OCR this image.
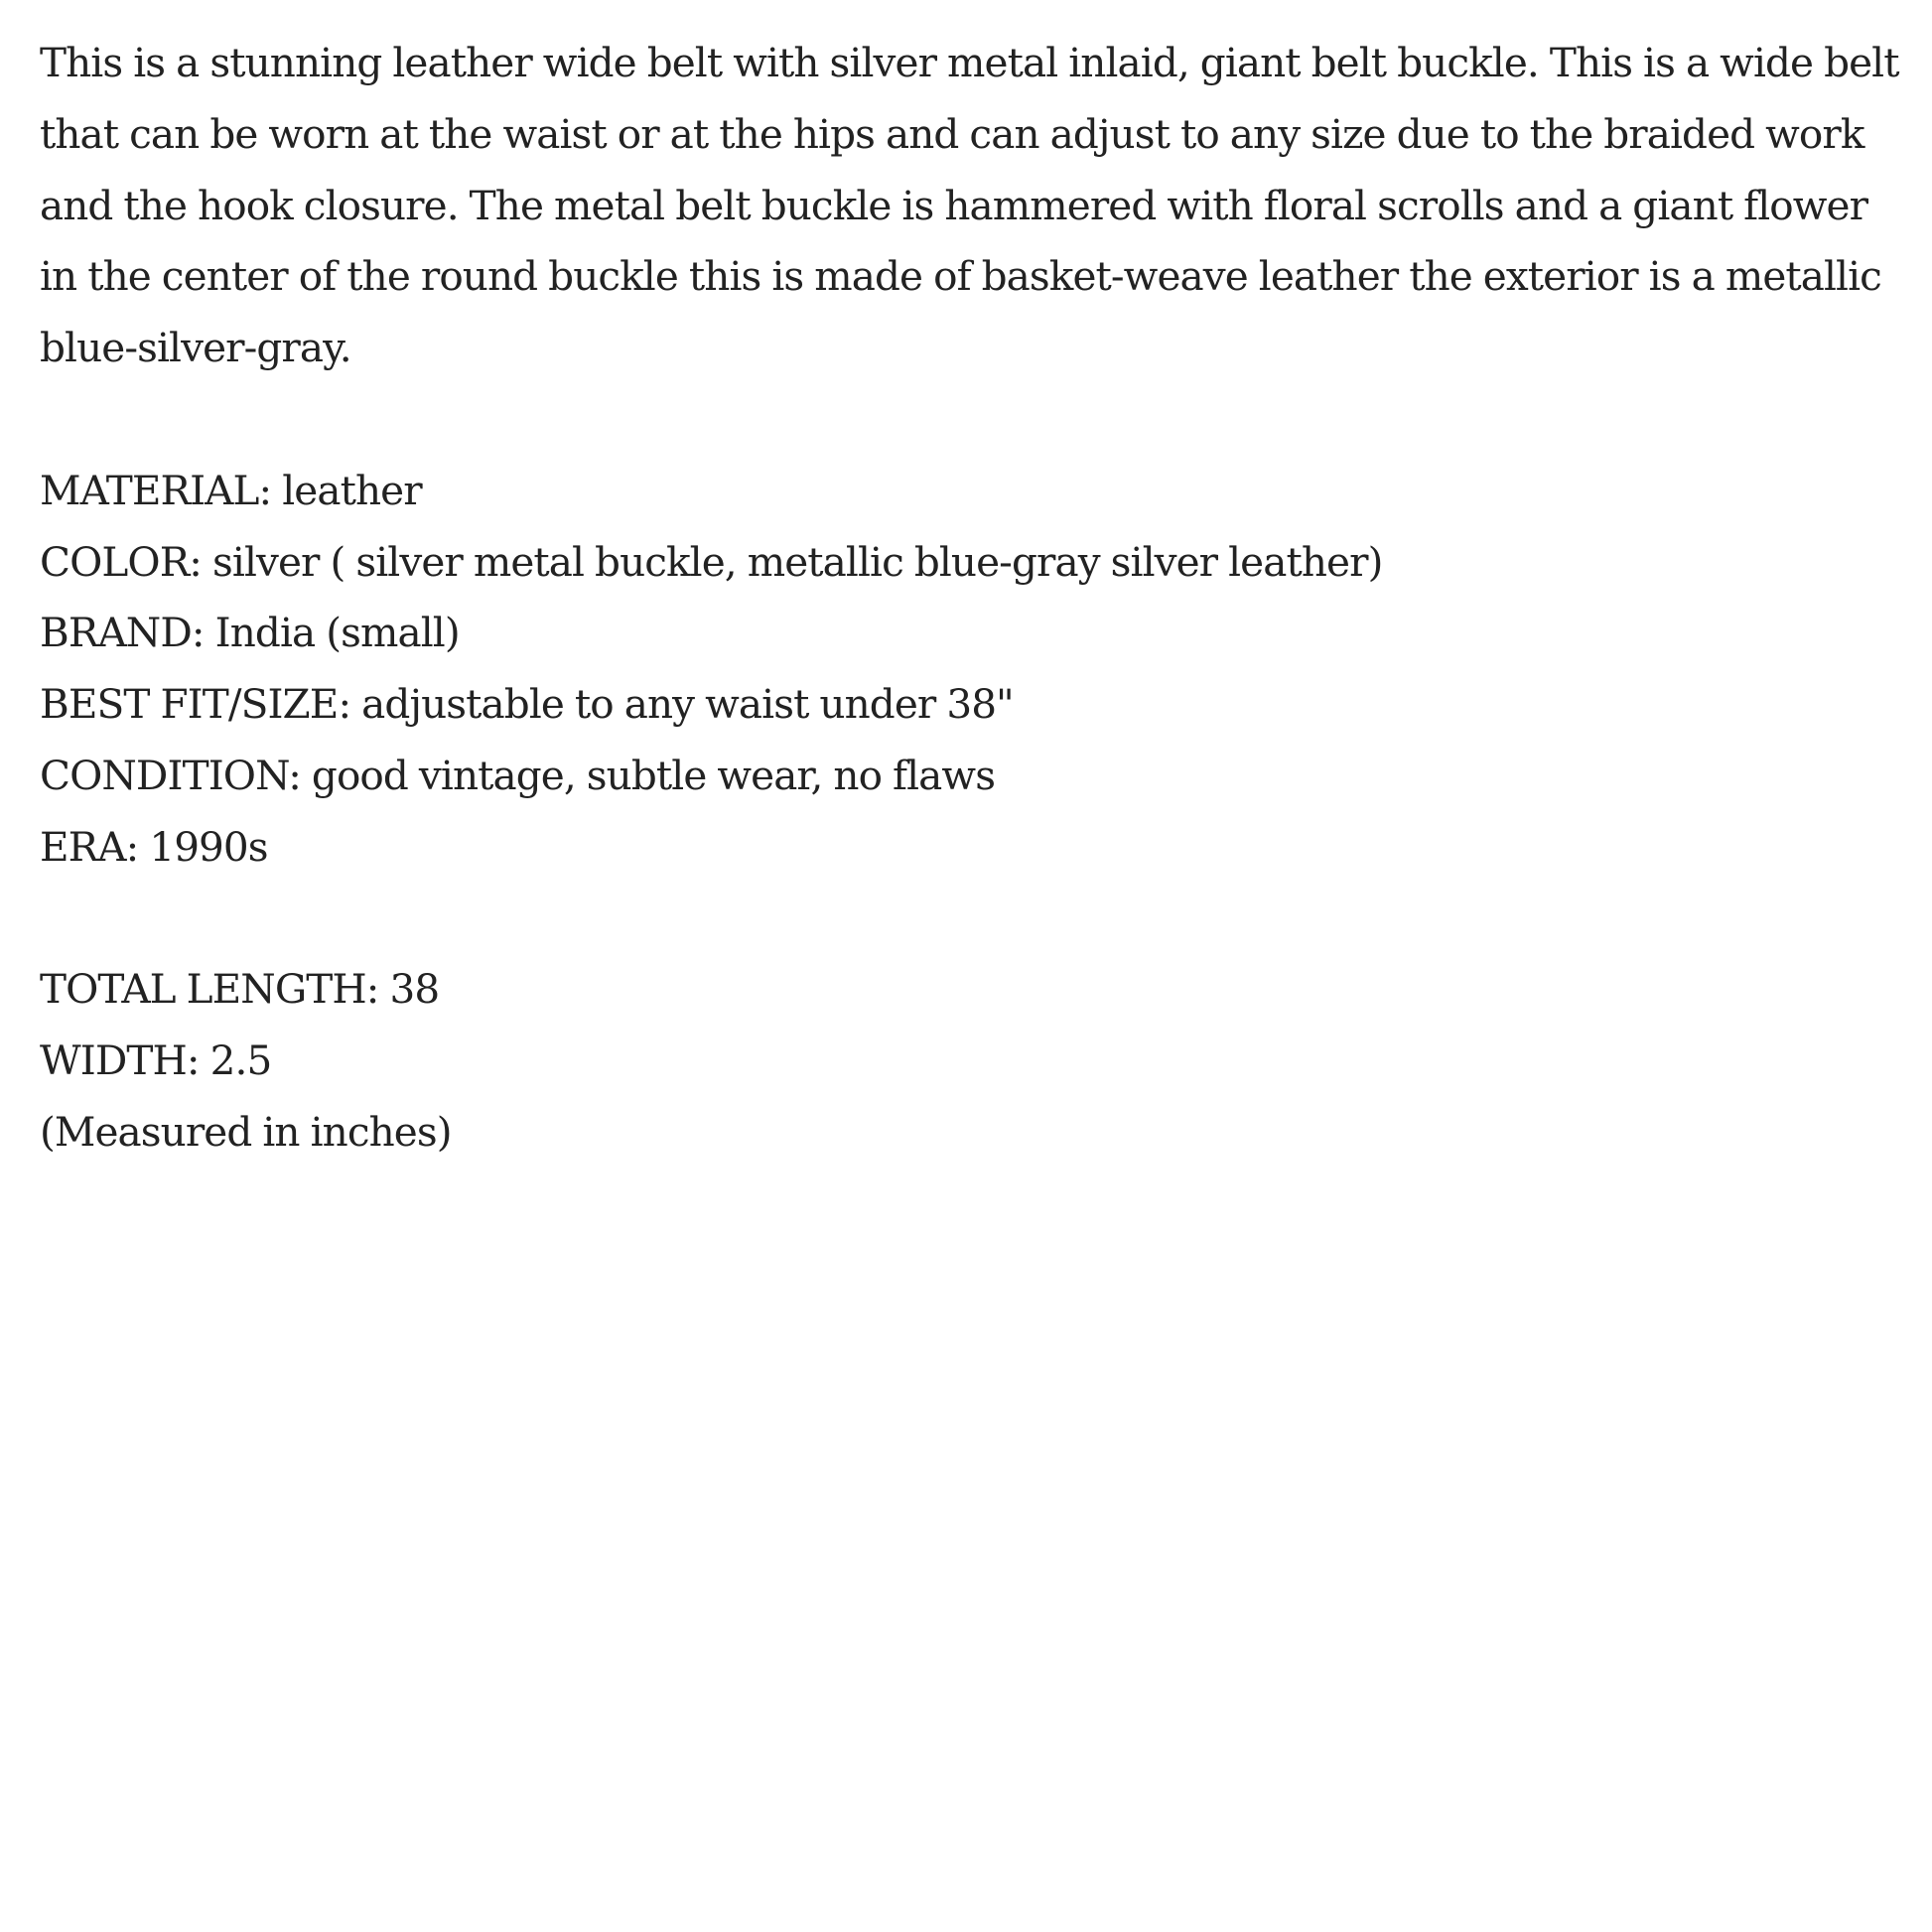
This is a stunning leather wide belt with silver metal inlaid, giant belt buckle. This is a wide belt that can be worn at the waist or at the hips and can adjust to any size due to the braided work and the hook closure. The metal belt buckle is hammered with floral scrolls and a giant flower in the center of the round buckle this is made of basket-weave leather the exterior is a metallic blue-silver-gray.

MATERIAL: leather
COLOR: silver ( silver metal buckle, metallic blue-gray silver leather)
BRAND: India (small)
BEST FIT/SIZE: adjustable to any waist under 38"
CONDITION: good vintage, subtle wear, no flaws
ERA: 1990s
TOTAL LENGTH: 38
WIDTH: 2.5
(Measured in inches)
